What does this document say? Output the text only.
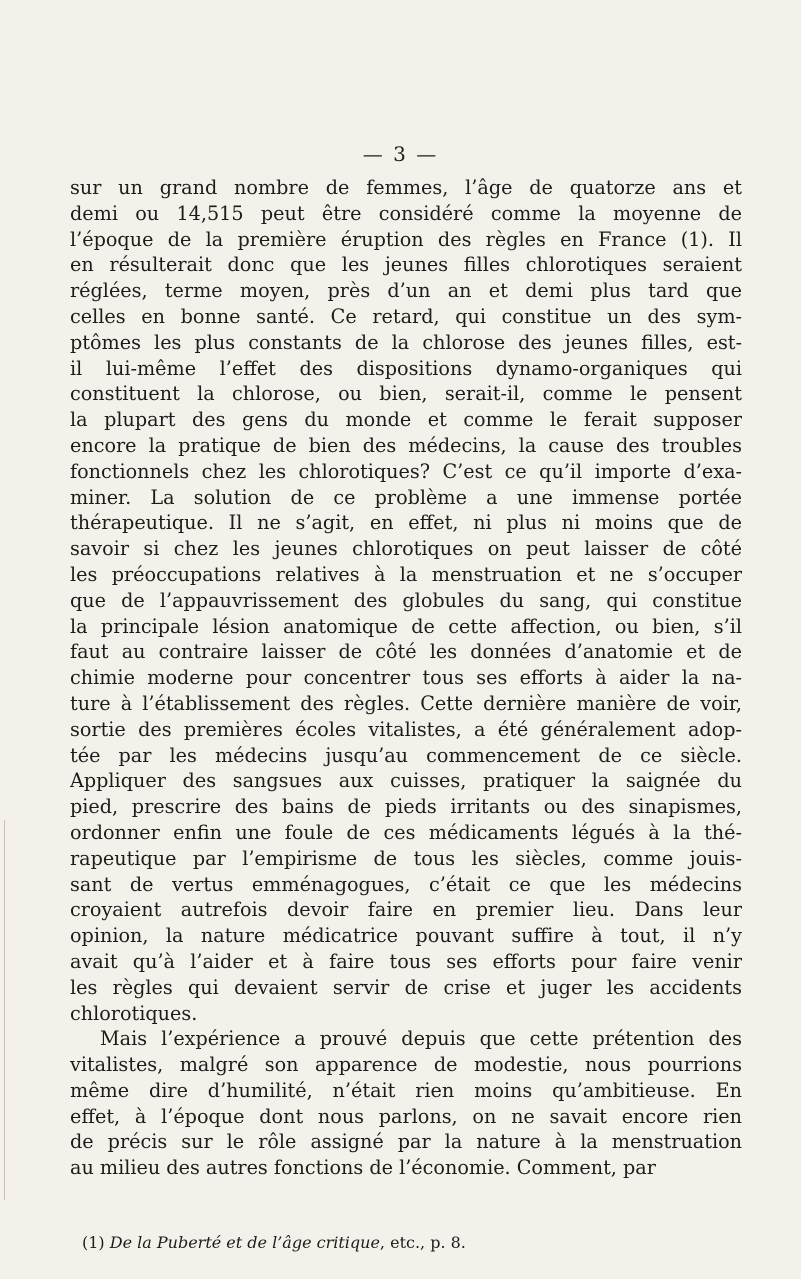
— 3 —
sur un grand nombre de femmes, l’âge de quatorze ans et
demi ou 14,515 peut être considéré comme la moyenne de
l’époque de la première éruption des règles en France (1). Il
en résulterait donc que les jeunes filles chlorotiques seraient
réglées, terme moyen, près d’un an et demi plus tard que
celles en bonne santé. Ce retard, qui constitue un des sym-
ptômes les plus constants de la chlorose des jeunes filles, est-
il lui-même l’effet des dispositions dynamo-organiques qui
constituent la chlorose, ou bien, serait-il, comme le pensent
la plupart des gens du monde et comme le ferait supposer
encore la pratique de bien des médecins, la cause des troubles
fonctionnels chez les chlorotiques? C’est ce qu’il importe d’exa-
miner. La solution de ce problème a une immense portée
thérapeutique. Il ne s’agit, en effet, ni plus ni moins que de
savoir si chez les jeunes chlorotiques on peut laisser de côté
les préoccupations relatives à la menstruation et ne s’occuper
que de l’appauvrissement des globules du sang, qui constitue
la principale lésion anatomique de cette affection, ou bien, s’il
faut au contraire laisser de côté les données d’anatomie et de
chimie moderne pour concentrer tous ses efforts à aider la na-
ture à l’établissement des règles. Cette dernière manière de voir,
sortie des premières écoles vitalistes, a été généralement adop-
tée par les médecins jusqu’au commencement de ce siècle.
Appliquer des sangsues aux cuisses, pratiquer la saignée du
pied, prescrire des bains de pieds irritants ou des sinapismes,
ordonner enfin une foule de ces médicaments légués à la thé-
rapeutique par l’empirisme de tous les siècles, comme jouis-
sant de vertus emménagogues, c’était ce que les médecins
croyaient autrefois devoir faire en premier lieu. Dans leur
opinion, la nature médicatrice pouvant suffire à tout, il n’y
avait qu’à l’aider et à faire tous ses efforts pour faire venir
les règles qui devaient servir de crise et juger les accidents
chlorotiques.
Mais l’expérience a prouvé depuis que cette prétention des
vitalistes, malgré son apparence de modestie, nous pourrions
même dire d’humilité, n’était rien moins qu’ambitieuse. En
effet, à l’époque dont nous parlons, on ne savait encore rien
de précis sur le rôle assigné par la nature à la menstruation
au milieu des autres fonctions de l’économie. Comment, par
(1) De la Puberté et de l’âge critique, etc., p. 8.
